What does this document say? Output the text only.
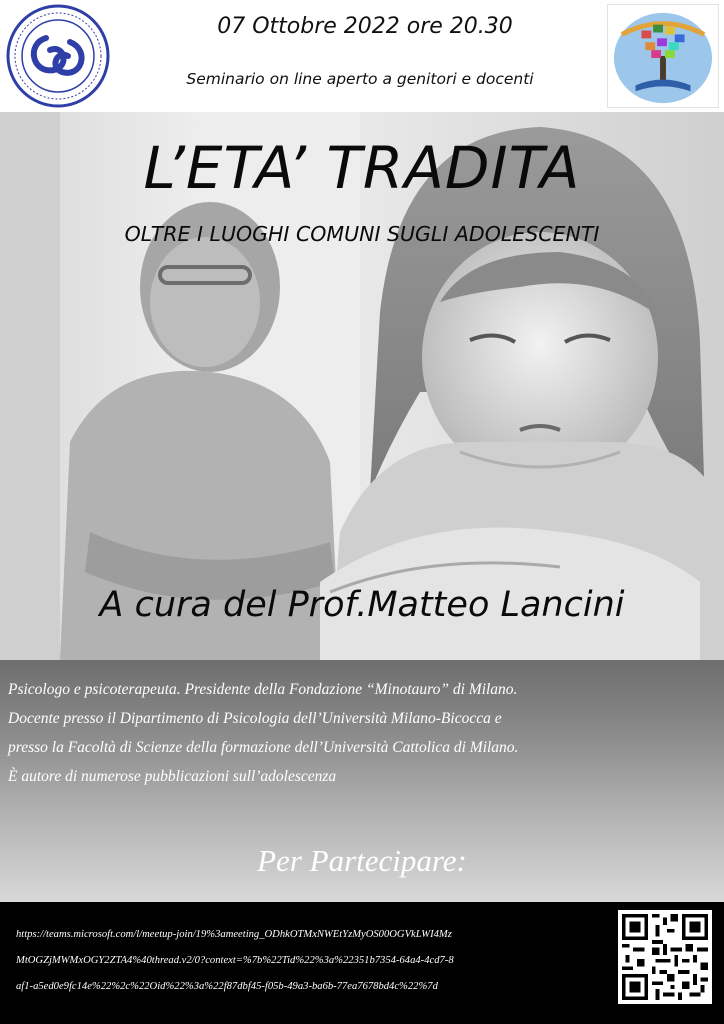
07 Ottobre 2022 ore 20.30
Seminario on line aperto a genitori e docenti
L’ETA’ TRADITA
OLTRE I LUOGHI COMUNI SUGLI ADOLESCENTI
A cura del Prof.Matteo Lancini

Psicologo e psicoterapeuta. Presidente della Fondazione “Minotauro” di Milano.

Docente presso il Dipartimento di Psicologia dell’Università Milano-Bicocca e

presso la Facoltà di Scienze della formazione dell’Università Cattolica di Milano.

È autore di numerose pubblicazioni sull’adolescenza

Per Partecipare:

https://teams.microsoft.com/l/meetup-join/19%3ameeting_ODhkOTMxNWEtYzMyOS00OGVkLWI4Mz

MtOGZjMWMxOGY2ZTA4%40thread.v2/0?context=%7b%22Tid%22%3a%22351b7354-64a4-4cd7-8

af1-a5ed0e9fc14e%22%2c%22Oid%22%3a%22f87dbf45-f05b-49a3-ba6b-77ea7678bd4c%22%7d
